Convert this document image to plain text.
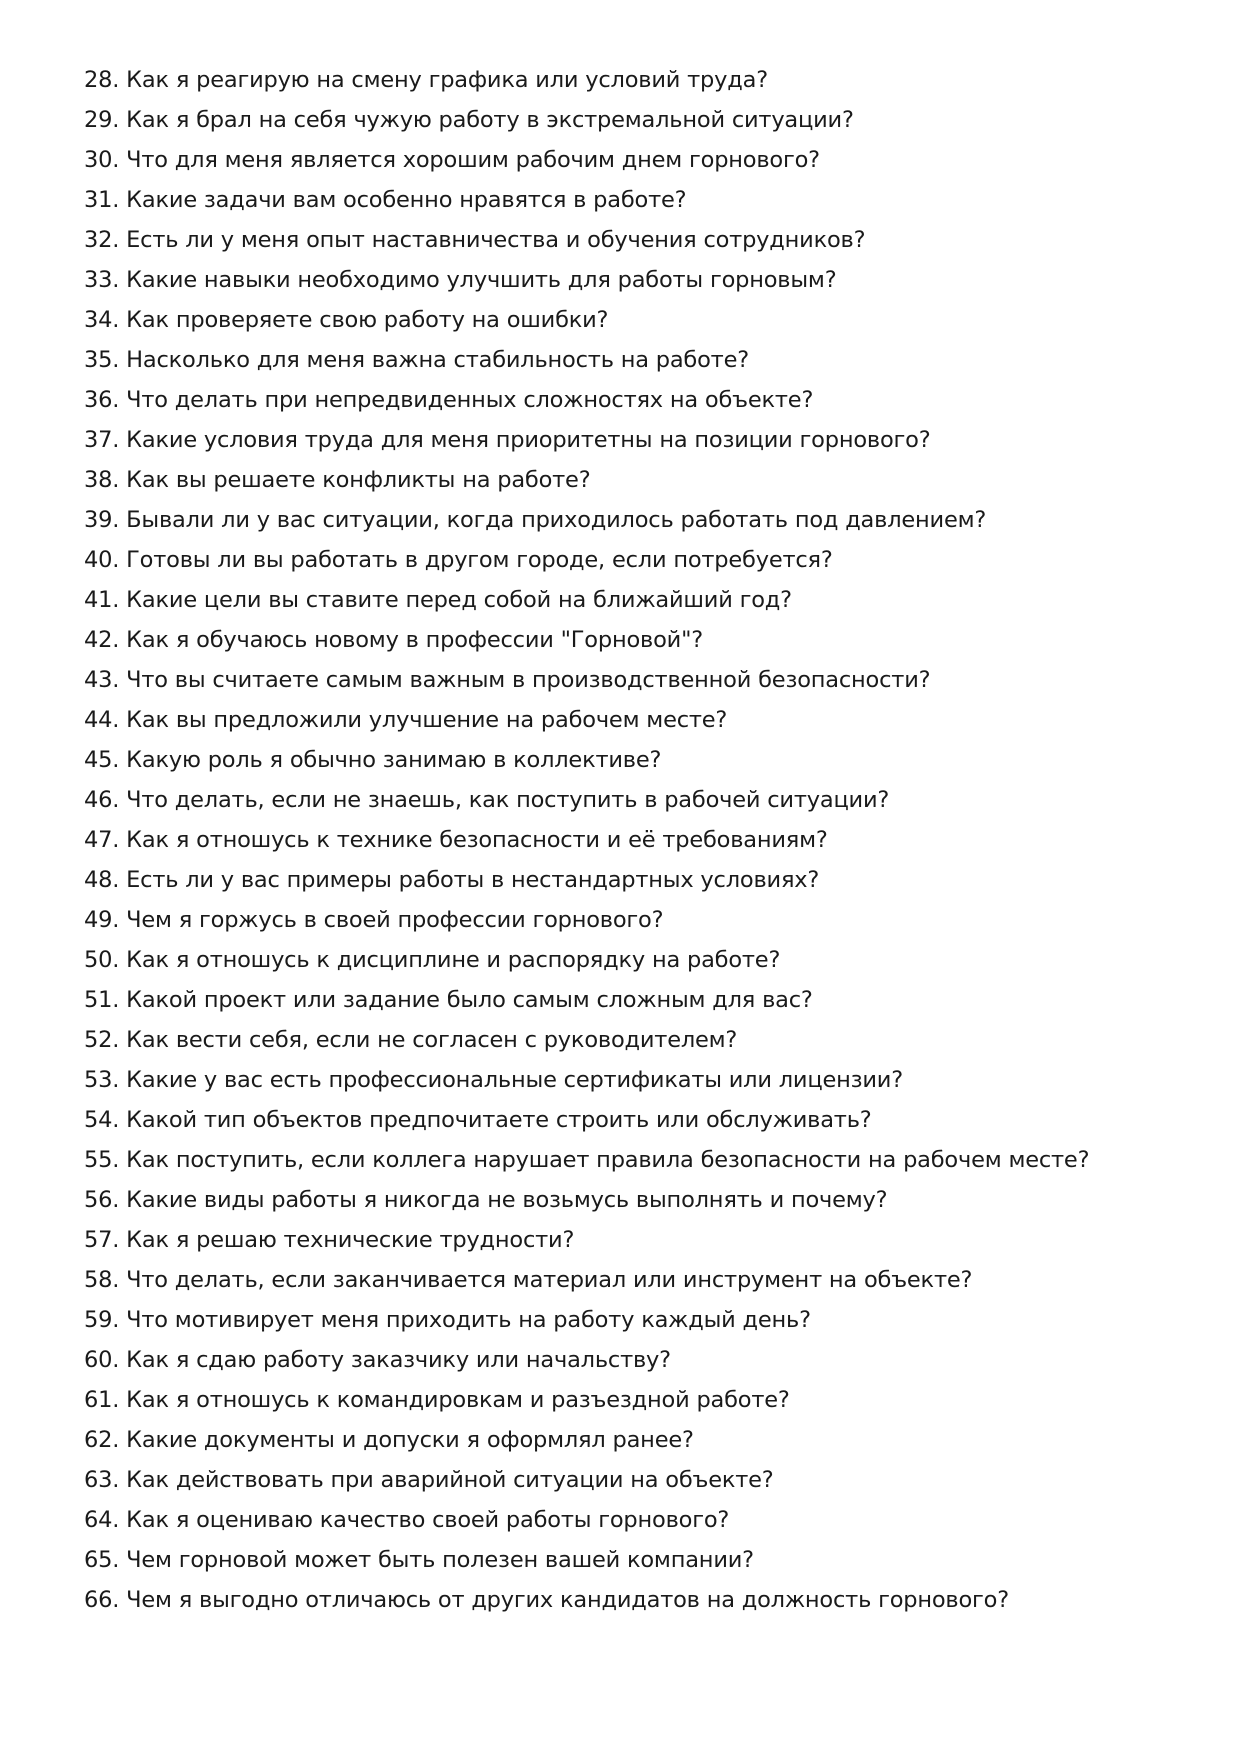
28. Как я реагирую на смену графика или условий труда?
29. Как я брал на себя чужую работу в экстремальной ситуации?
30. Что для меня является хорошим рабочим днем горнового?
31. Какие задачи вам особенно нравятся в работе?
32. Есть ли у меня опыт наставничества и обучения сотрудников?
33. Какие навыки необходимо улучшить для работы горновым?
34. Как проверяете свою работу на ошибки?
35. Насколько для меня важна стабильность на работе?
36. Что делать при непредвиденных сложностях на объекте?
37. Какие условия труда для меня приоритетны на позиции горнового?
38. Как вы решаете конфликты на работе?
39. Бывали ли у вас ситуации, когда приходилось работать под давлением?
40. Готовы ли вы работать в другом городе, если потребуется?
41. Какие цели вы ставите перед собой на ближайший год?
42. Как я обучаюсь новому в профессии "Горновой"?
43. Что вы считаете самым важным в производственной безопасности?
44. Как вы предложили улучшение на рабочем месте?
45. Какую роль я обычно занимаю в коллективе?
46. Что делать, если не знаешь, как поступить в рабочей ситуации?
47. Как я отношусь к технике безопасности и её требованиям?
48. Есть ли у вас примеры работы в нестандартных условиях?
49. Чем я горжусь в своей профессии горнового?
50. Как я отношусь к дисциплине и распорядку на работе?
51. Какой проект или задание было самым сложным для вас?
52. Как вести себя, если не согласен с руководителем?
53. Какие у вас есть профессиональные сертификаты или лицензии?
54. Какой тип объектов предпочитаете строить или обслуживать?
55. Как поступить, если коллега нарушает правила безопасности на рабочем месте?
56. Какие виды работы я никогда не возьмусь выполнять и почему?
57. Как я решаю технические трудности?
58. Что делать, если заканчивается материал или инструмент на объекте?
59. Что мотивирует меня приходить на работу каждый день?
60. Как я сдаю работу заказчику или начальству?
61. Как я отношусь к командировкам и разъездной работе?
62. Какие документы и допуски я оформлял ранее?
63. Как действовать при аварийной ситуации на объекте?
64. Как я оцениваю качество своей работы горнового?
65. Чем горновой может быть полезен вашей компании?
66. Чем я выгодно отличаюсь от других кандидатов на должность горнового?
